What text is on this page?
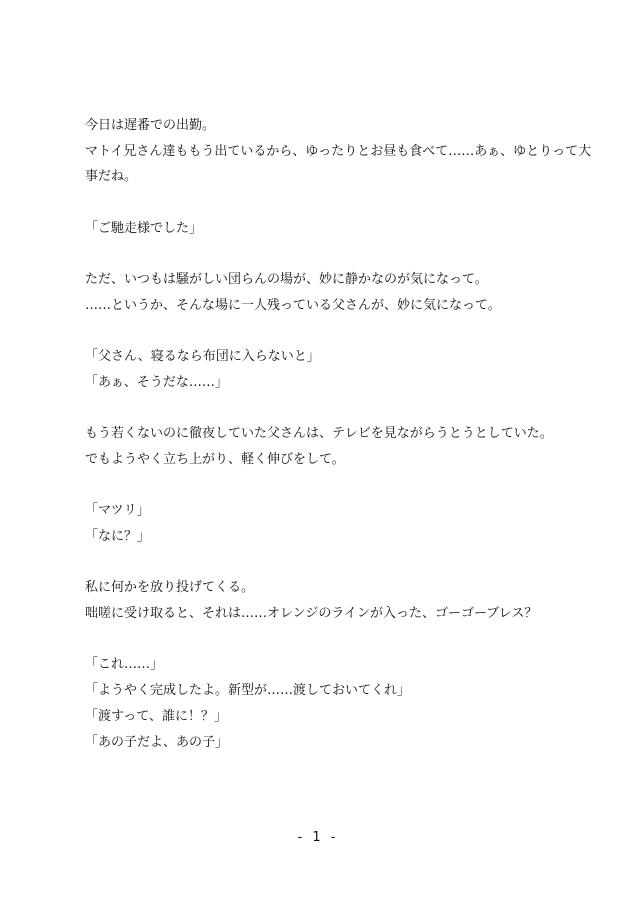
今日は遅番での出勤。

マトイ兄さん達ももう出ているから、ゆったりとお昼も食べて……あぁ、ゆとりって大

事だね。

「ご馳走様でした」

ただ、いつもは騒がしい団らんの場が、妙に静かなのが気になって。

……というか、そんな場に一人残っている父さんが、妙に気になって。

「父さん、寝るなら布団に入らないと」

「あぁ、そうだな……」

もう若くないのに徹夜していた父さんは、テレビを見ながらうとうとしていた。

でもようやく立ち上がり、軽く伸びをして。

「マツリ」

「なに？」

私に何かを放り投げてくる。

咄嗟に受け取ると、それは……オレンジのラインが入った、ゴーゴーブレス？

「これ……」

「ようやく完成したよ。新型が……渡しておいてくれ」

「渡すって、誰に！？」

「あの子だよ、あの子」

- 1 -
